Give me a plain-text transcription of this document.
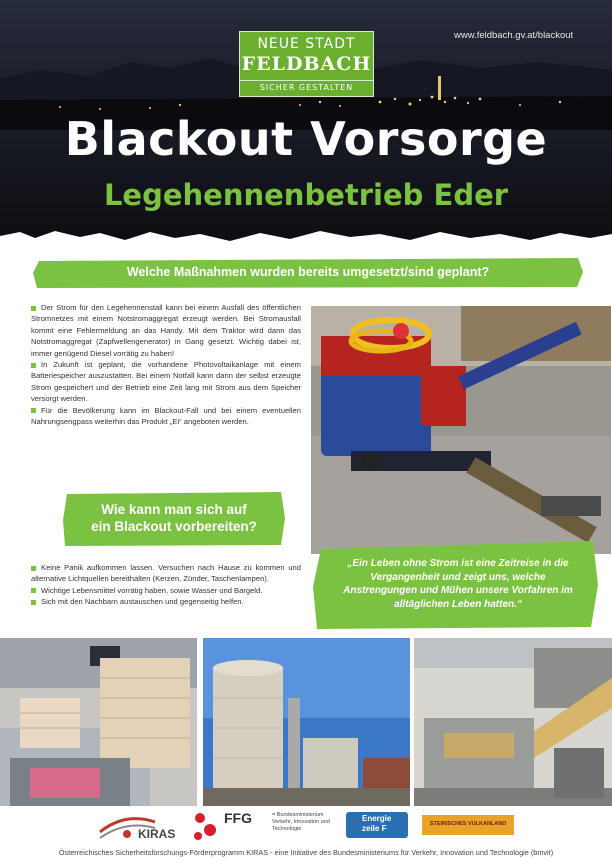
www.feldbach.gv.at/blackout
NEUE STADT
FELDBACH
SICHER GESTALTEN
Blackout Vorsorge
Legehennenbetrieb Eder
Welche Maßnahmen wurden bereits umgesetzt/sind geplant?

Der Strom für den Legehennenstall kann bei einem Ausfall des öffentlichen Stromnetzes mit einem Notstromaggregat erzeugt werden. Bei Stromausfall kommt eine Fehlermeldung an das Handy. Mit dem Traktor wird dann das Notstromaggregat (Zapfwellengenerator) in Gang gesetzt. Wichtig dabei ist, immer genügend Diesel vorrätig zu haben!

In Zukunft ist geplant, die vorhandene Photovoltaikanlage mit einem Batteriespeicher auszustatten. Bei einem Notfall kann dann der selbst erzeugte Strom gespeichert und der Betrieb eine Zeit lang mit Strom aus dem Speicher versorgt werden.

Für die Bevölkerung kann im Blackout-Fall und bei einem eventuellen Nahrungsengpass weiterhin das Produkt „Ei“ angeboten werden.

Wie kann man sich auf
ein Blackout vorbereiten?

Keine Panik aufkommen lassen. Versuchen nach Hause zu kommen und alternative Lichtquellen bereithalten (Kerzen, Zünder, Taschenlampen).

Wichtige Lebensmittel vorrätig haben, sowie Wasser und Bargeld.

Sich mit den Nachbarn austauschen und gegenseitig helfen.

„Ein Leben ohne Strom ist eine Zeitreise in die Vergangenheit und zeigt uns, welche Anstrengungen und Mühen unsere Vorfahren im alltäglichen Leben hatten.“
KIRAS
FFG	= Bundesministerium Verkehr, Innovation und Technologie
Energie zeile F	STEIRISCHES VULKANLAND
Österreichisches Sicherheitsforschungs-Förderprogramm KIRAS - eine Initiative des Bundesministeriums für Verkehr, Innovation und Technologie (bmvit)
